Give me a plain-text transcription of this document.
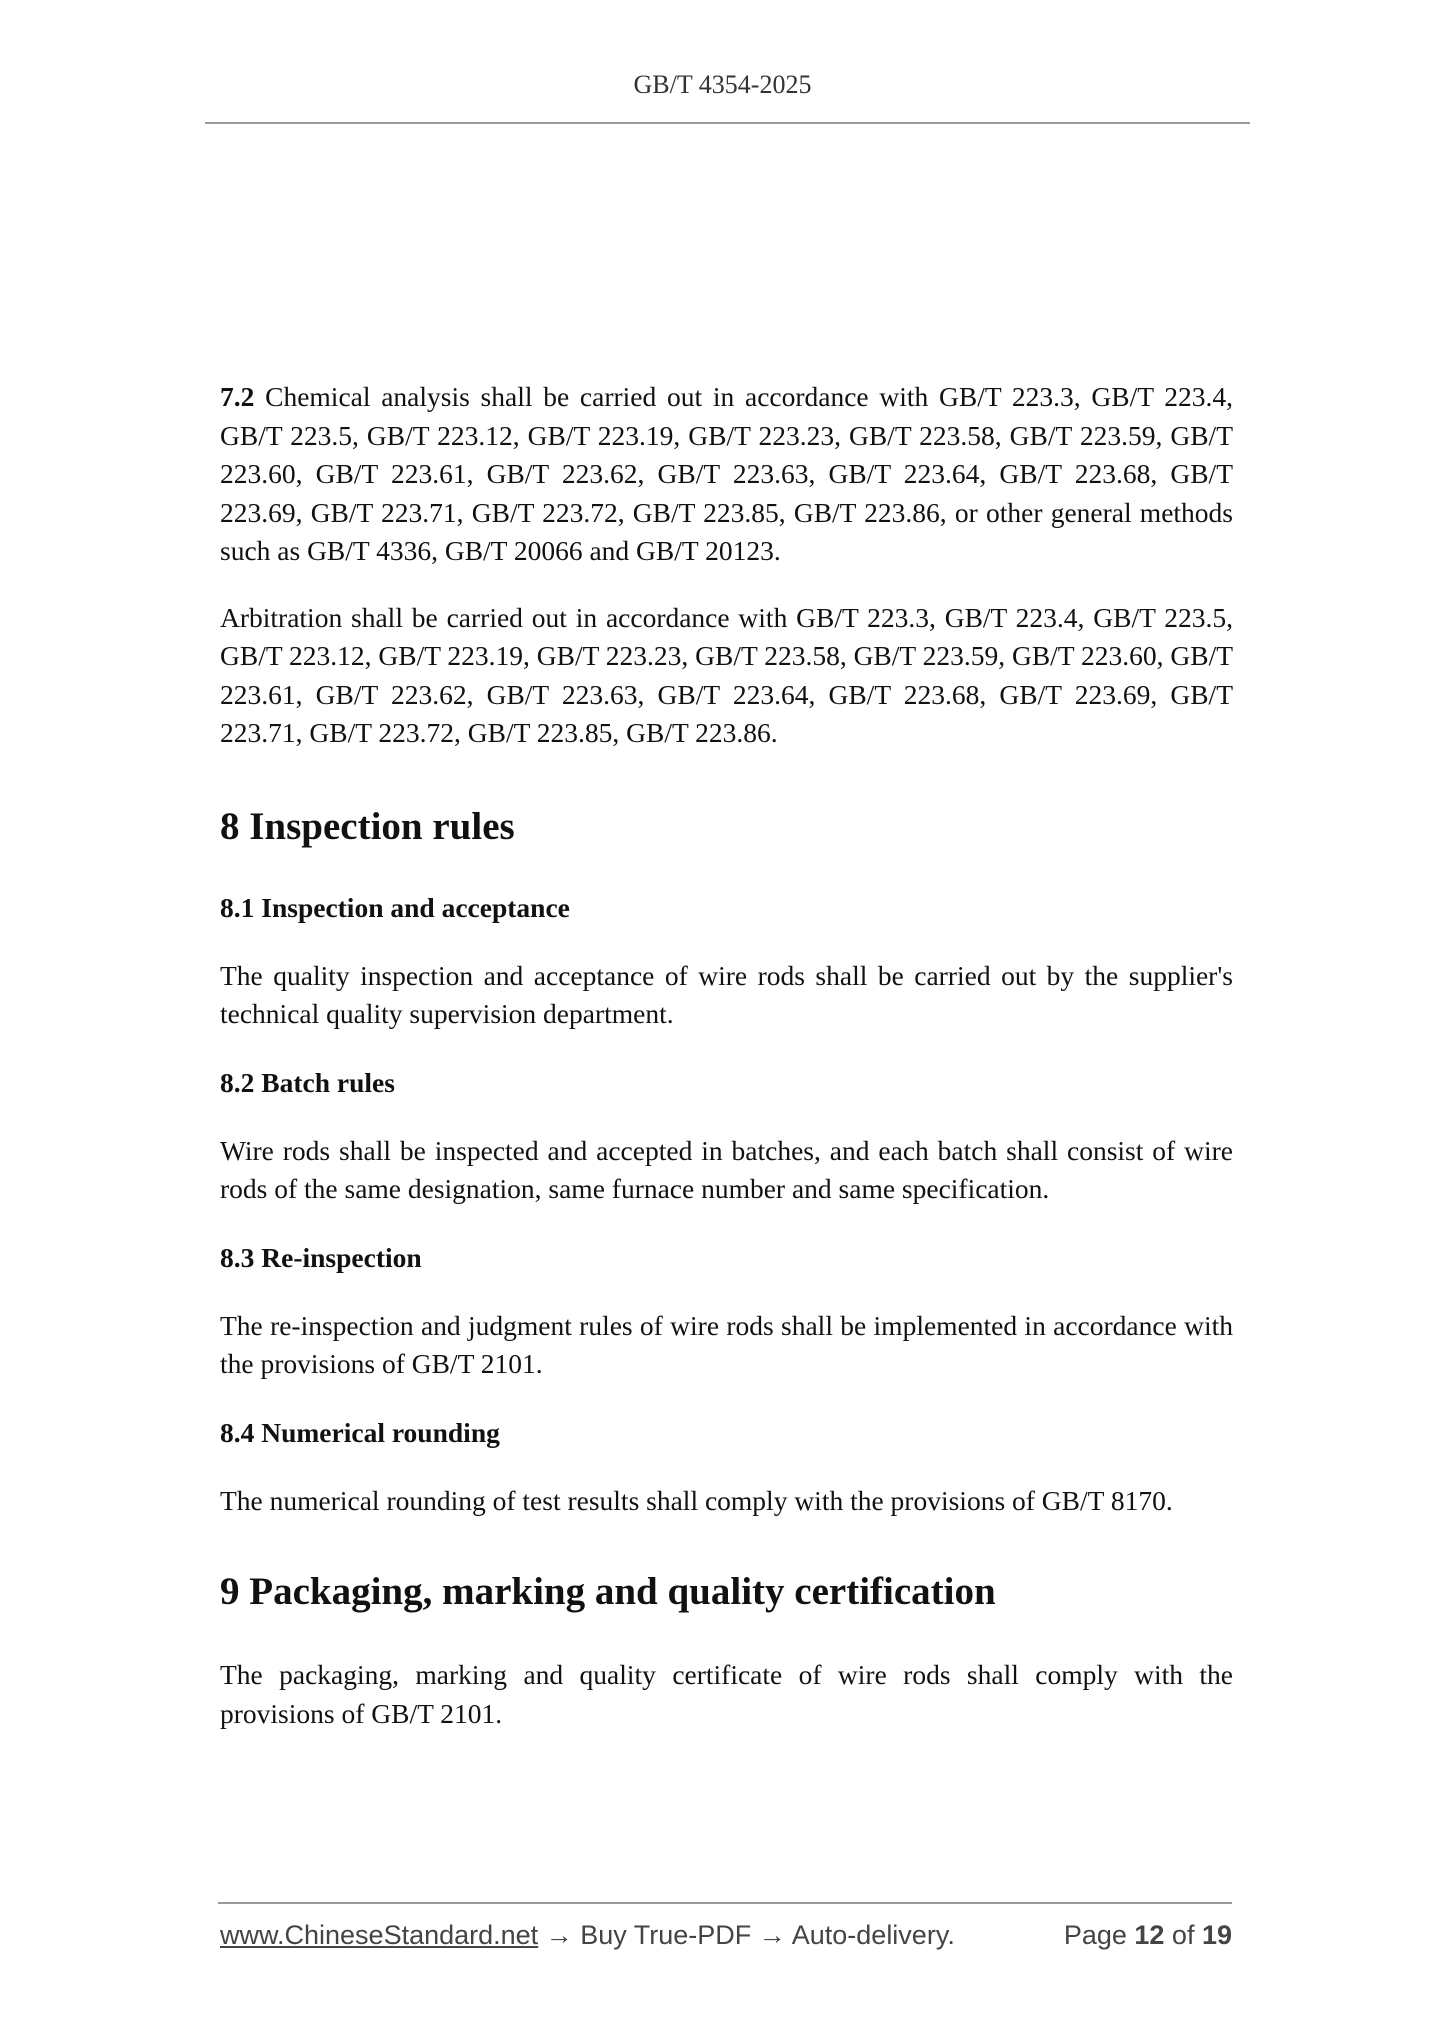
GB/T 4354-2025

7.2 Chemical analysis shall be carried out in accordance with GB/T 223.3, GB/T 223.4, GB/T 223.5, GB/T 223.12, GB/T 223.19, GB/T 223.23, GB/T 223.58, GB/T 223.59, GB/T 223.60, GB/T 223.61, GB/T 223.62, GB/T 223.63, GB/T 223.64, GB/T 223.68, GB/T 223.69, GB/T 223.71, GB/T 223.72, GB/T 223.85, GB/T 223.86, or other general methods such as GB/T 4336, GB/T 20066 and GB/T 20123.

Arbitration shall be carried out in accordance with GB/T 223.3, GB/T 223.4, GB/T 223.5, GB/T 223.12, GB/T 223.19, GB/T 223.23, GB/T 223.58, GB/T 223.59, GB/T 223.60, GB/T 223.61, GB/T 223.62, GB/T 223.63, GB/T 223.64, GB/T 223.68, GB/T 223.69, GB/T 223.71, GB/T 223.72, GB/T 223.85, GB/T 223.86.

8 Inspection rules
8.1 Inspection and acceptance

The quality inspection and acceptance of wire rods shall be carried out by the supplier's technical quality supervision department.

8.2 Batch rules

Wire rods shall be inspected and accepted in batches, and each batch shall consist of wire rods of the same designation, same furnace number and same specification.

8.3 Re-inspection

The re-inspection and judgment rules of wire rods shall be implemented in accordance with the provisions of GB/T 2101.

8.4 Numerical rounding

The numerical rounding of test results shall comply with the provisions of GB/T 8170.

9 Packaging, marking and quality certification

The packaging, marking and quality certificate of wire rods shall comply with the provisions of GB/T 2101.

www.ChineseStandard.net → Buy True-PDF → Auto-delivery.	Page 12 of 19
